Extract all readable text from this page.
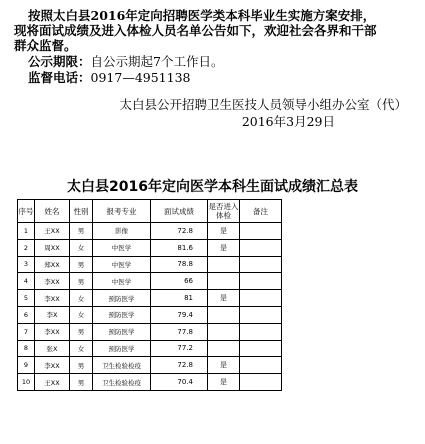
按照太白县2016年定向招聘医学类本科毕业生实施方案安排，
现将面试成绩及进入体检人员名单公告如下，欢迎社会各界和干部
群众监督。
公示期限：自公示期起7个工作日。
监督电话：0917—4951138
太白县公开招聘卫生医技人员领导小组办公室（代）
2016年3月29日
太白县2016年定向医学本科生面试成绩汇总表
序号	姓名	性别	报考专业	面试成绩	是否进入体检	备注
1	王XX	男	影像	72.8	是	
2	周XX	女	中医学	81.6	是	
3	郑XX	男	中医学	78.8		
4	李XX	男	中医学	66		
5	李XX	女	预防医学	81	是	
6	李X	女	预防医学	79.4		
7	李XX	男	预防医学	77.8		
8	张X	女	预防医学	77.2		
9	李XX	男	卫生检验检疫	72.8	是	
10	王XX	男	卫生检验检疫	70.4	是	
